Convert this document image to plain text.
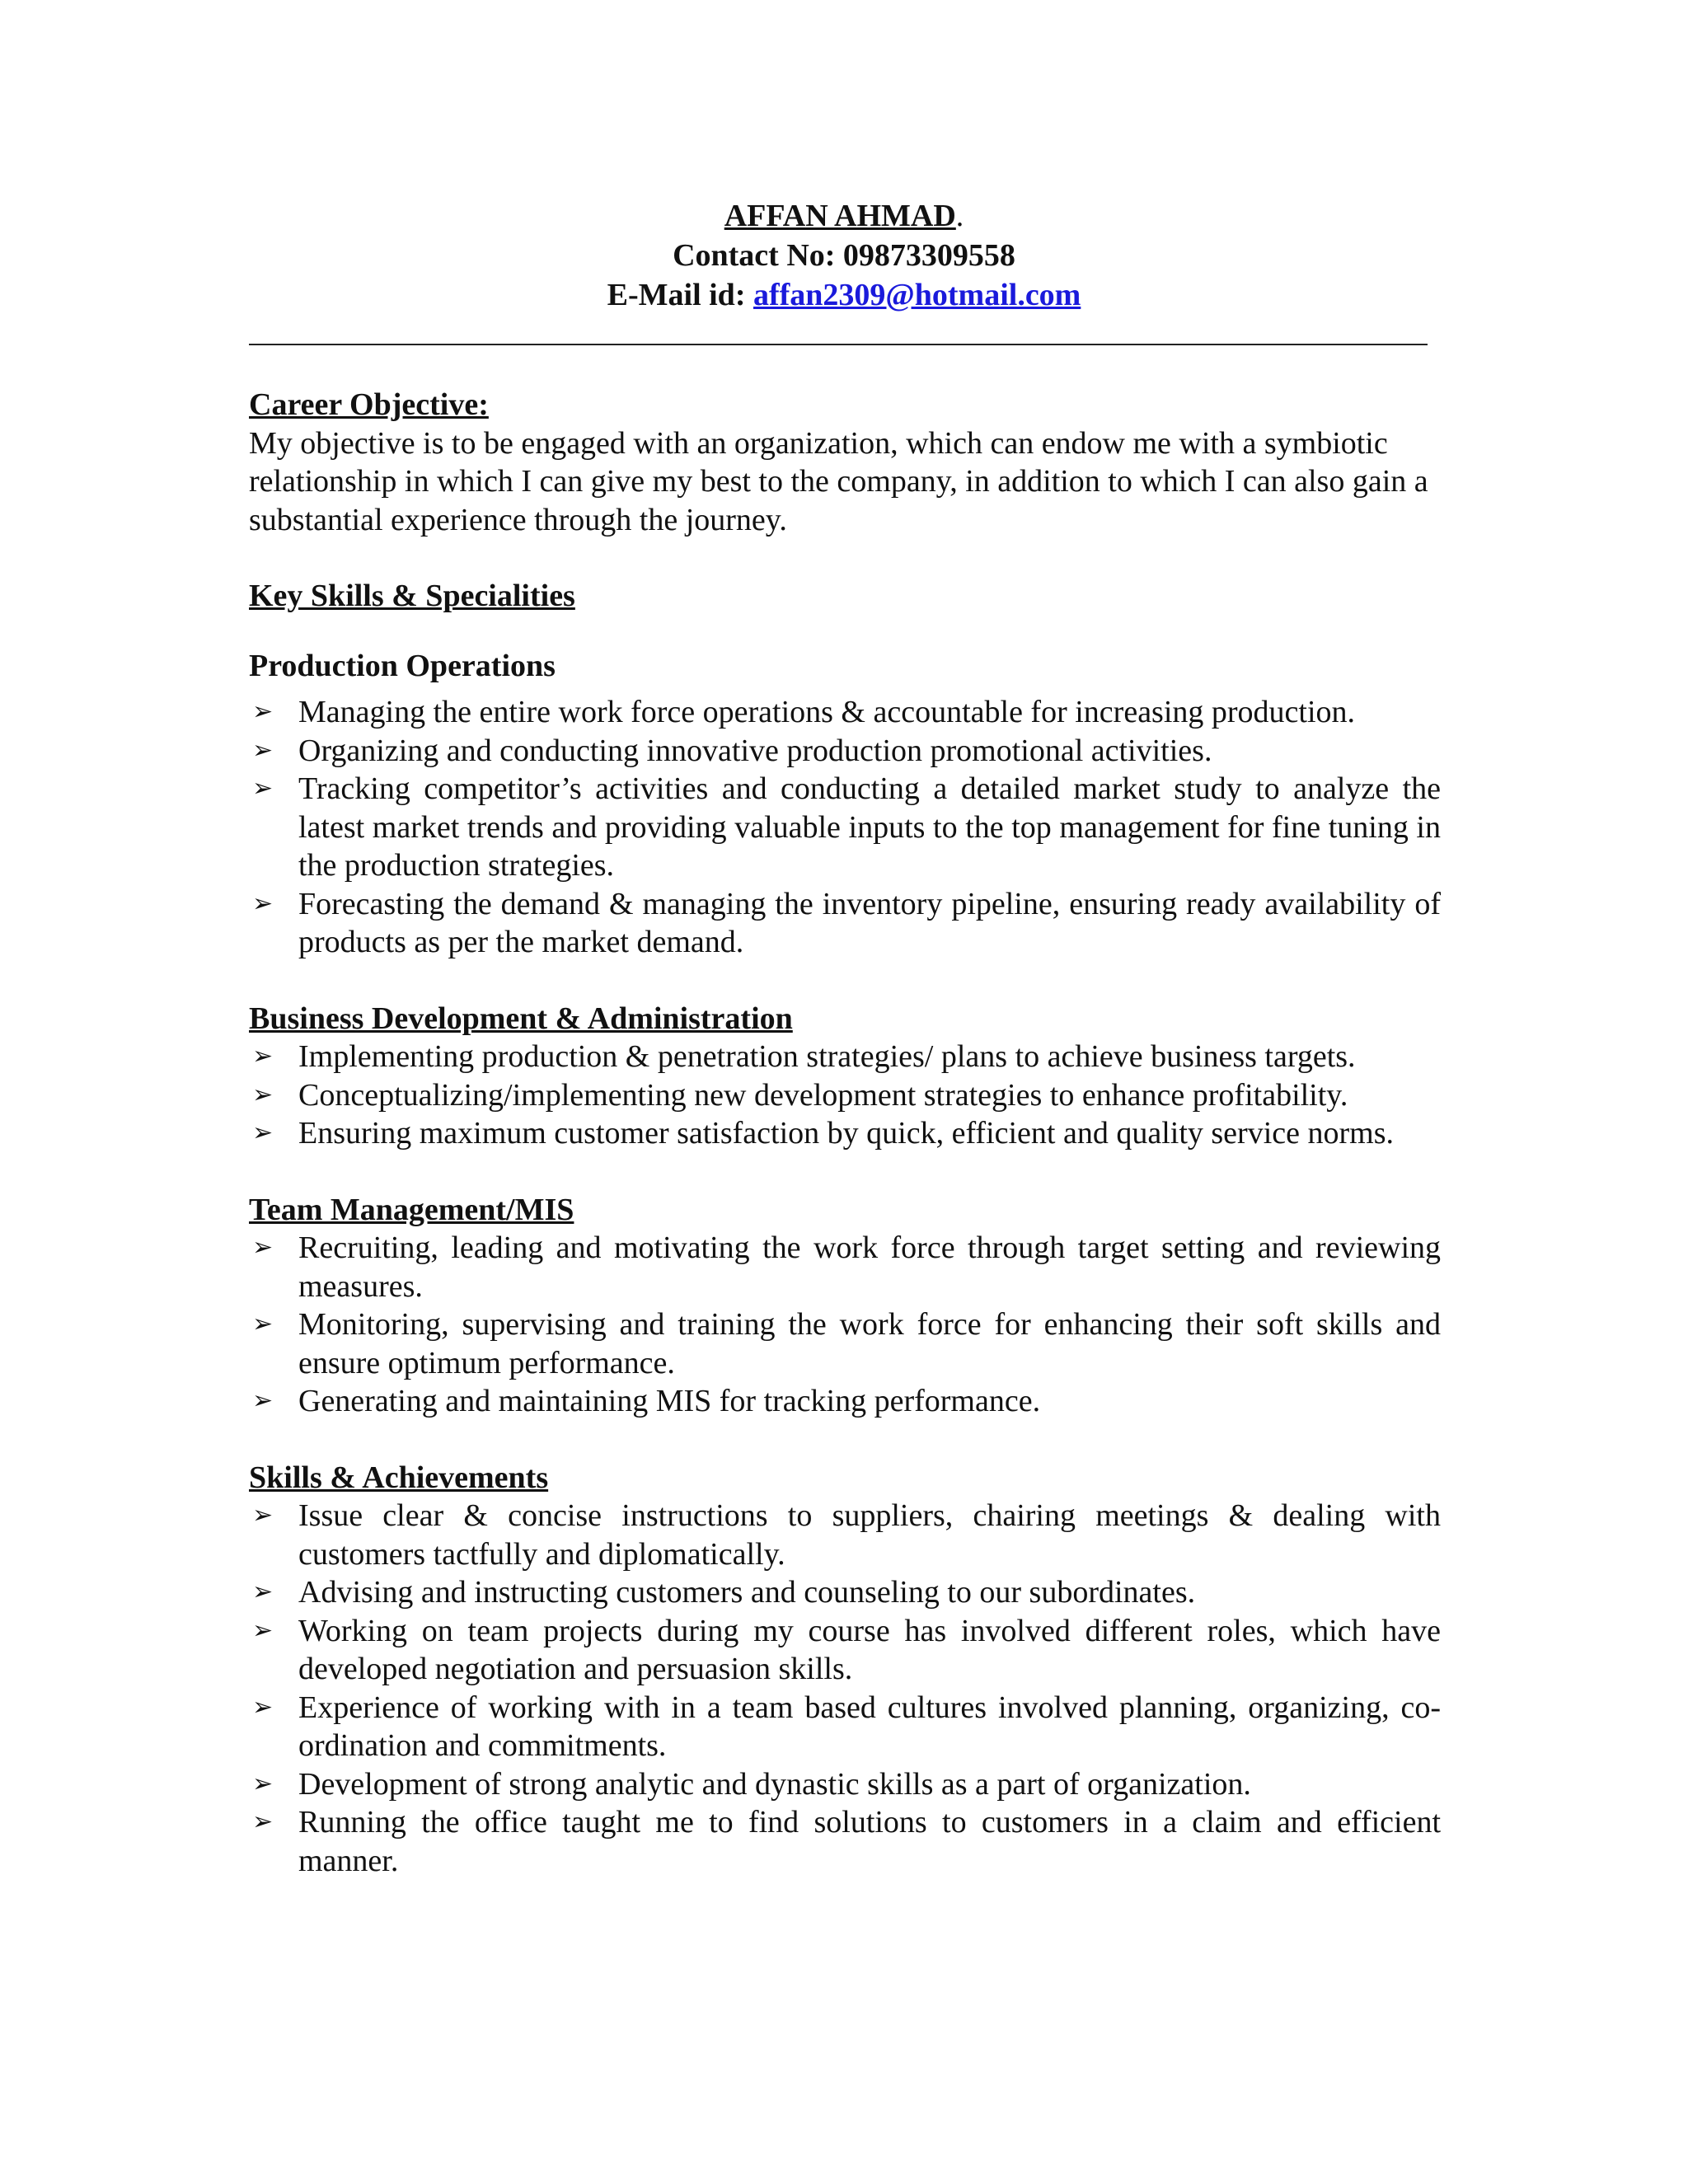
AFFAN AHMAD.
Contact No: 09873309558
E-Mail id: affan2309@hotmail.com

Career Objective:

My objective is to be engaged with an organization, which can endow me with a symbiotic relationship in which I can give my best to the company, in addition to which I can also gain a substantial experience through the journey.

Key Skills & Specialities

Production Operations

➢ Managing the entire work force operations & accountable for increasing production.
➢ Organizing and conducting innovative production promotional activities.
➢ Tracking competitor’s activities and conducting a detailed market study to analyze the latest market trends and providing valuable inputs to the top management for fine tuning in the production strategies.
➢ Forecasting the demand & managing the inventory pipeline, ensuring ready availability of products as per the market demand.

Business Development & Administration

➢ Implementing production & penetration strategies/ plans to achieve business targets.
➢ Conceptualizing/implementing new development strategies to enhance profitability.
➢ Ensuring maximum customer satisfaction by quick, efficient and quality service norms.

Team Management/MIS

➢ Recruiting, leading and motivating the work force through target setting and reviewing measures.
➢ Monitoring, supervising and training the work force for enhancing their soft skills and ensure optimum performance.
➢ Generating and maintaining MIS for tracking performance.

Skills & Achievements

➢ Issue clear & concise instructions to suppliers, chairing meetings & dealing with customers tactfully and diplomatically.
➢ Advising and instructing customers and counseling to our subordinates.
➢ Working on team projects during my course has involved different roles, which have developed negotiation and persuasion skills.
➢ Experience of working with in a team based cultures involved planning, organizing, co-ordination and commitments.
➢ Development of strong analytic and dynastic skills as a part of organization.
➢ Running the office taught me to find solutions to customers in a claim and efficient manner.
